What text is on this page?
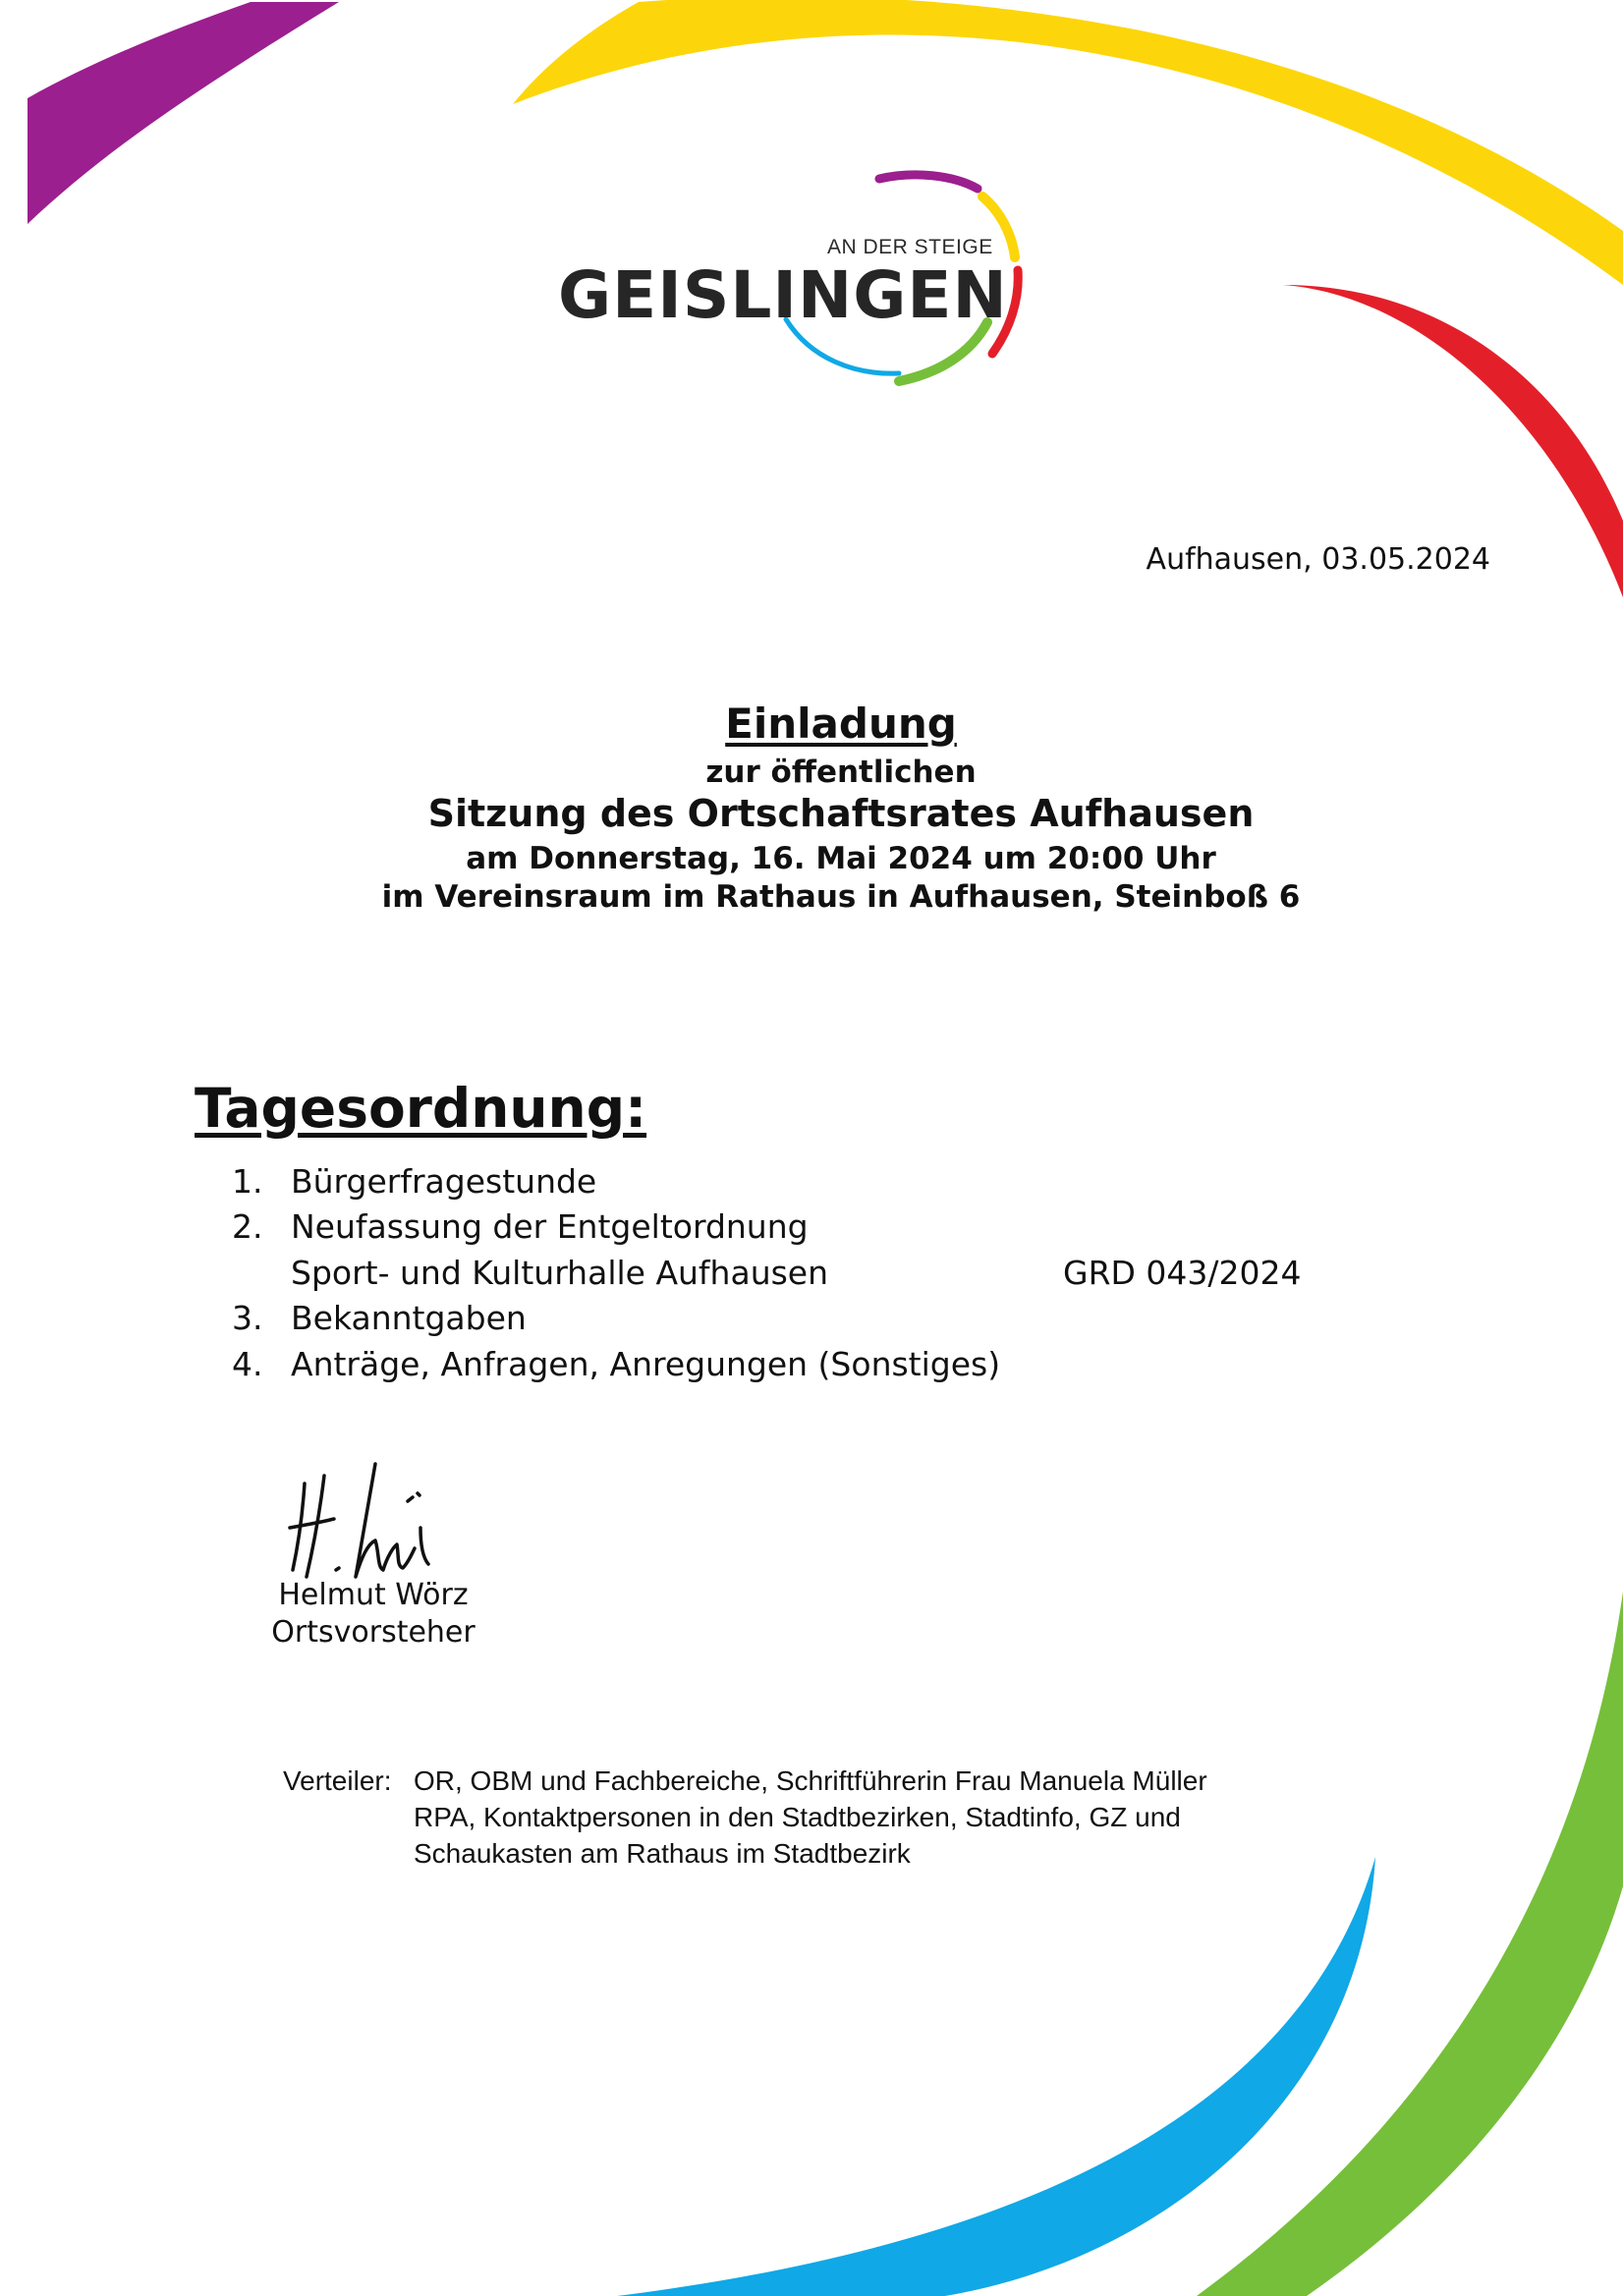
AN DER STEIGE
GEISLINGEN
Aufhausen, 03.05.2024
Einladung
zur öffentlichen
Sitzung des Ortschaftsrates Aufhausen
am Donnerstag, 16. Mai 2024 um 20:00 Uhr
im Vereinsraum im Rathaus in Aufhausen, Steinboß 6
Tagesordnung:
1. Bürgerfragestunde
2. Neufassung der Entgeltordnung
Sport- und Kulturhalle Aufhausen	GRD 043/2024
3. Bekanntgaben
4. Anträge, Anfragen, Anregungen (Sonstiges)
Helmut Wörz
Ortsvorsteher
Verteiler: OR, OBM und Fachbereiche, Schriftführerin Frau Manuela Müller
RPA, Kontaktpersonen in den Stadtbezirken, Stadtinfo, GZ und
Schaukasten am Rathaus im Stadtbezirk
